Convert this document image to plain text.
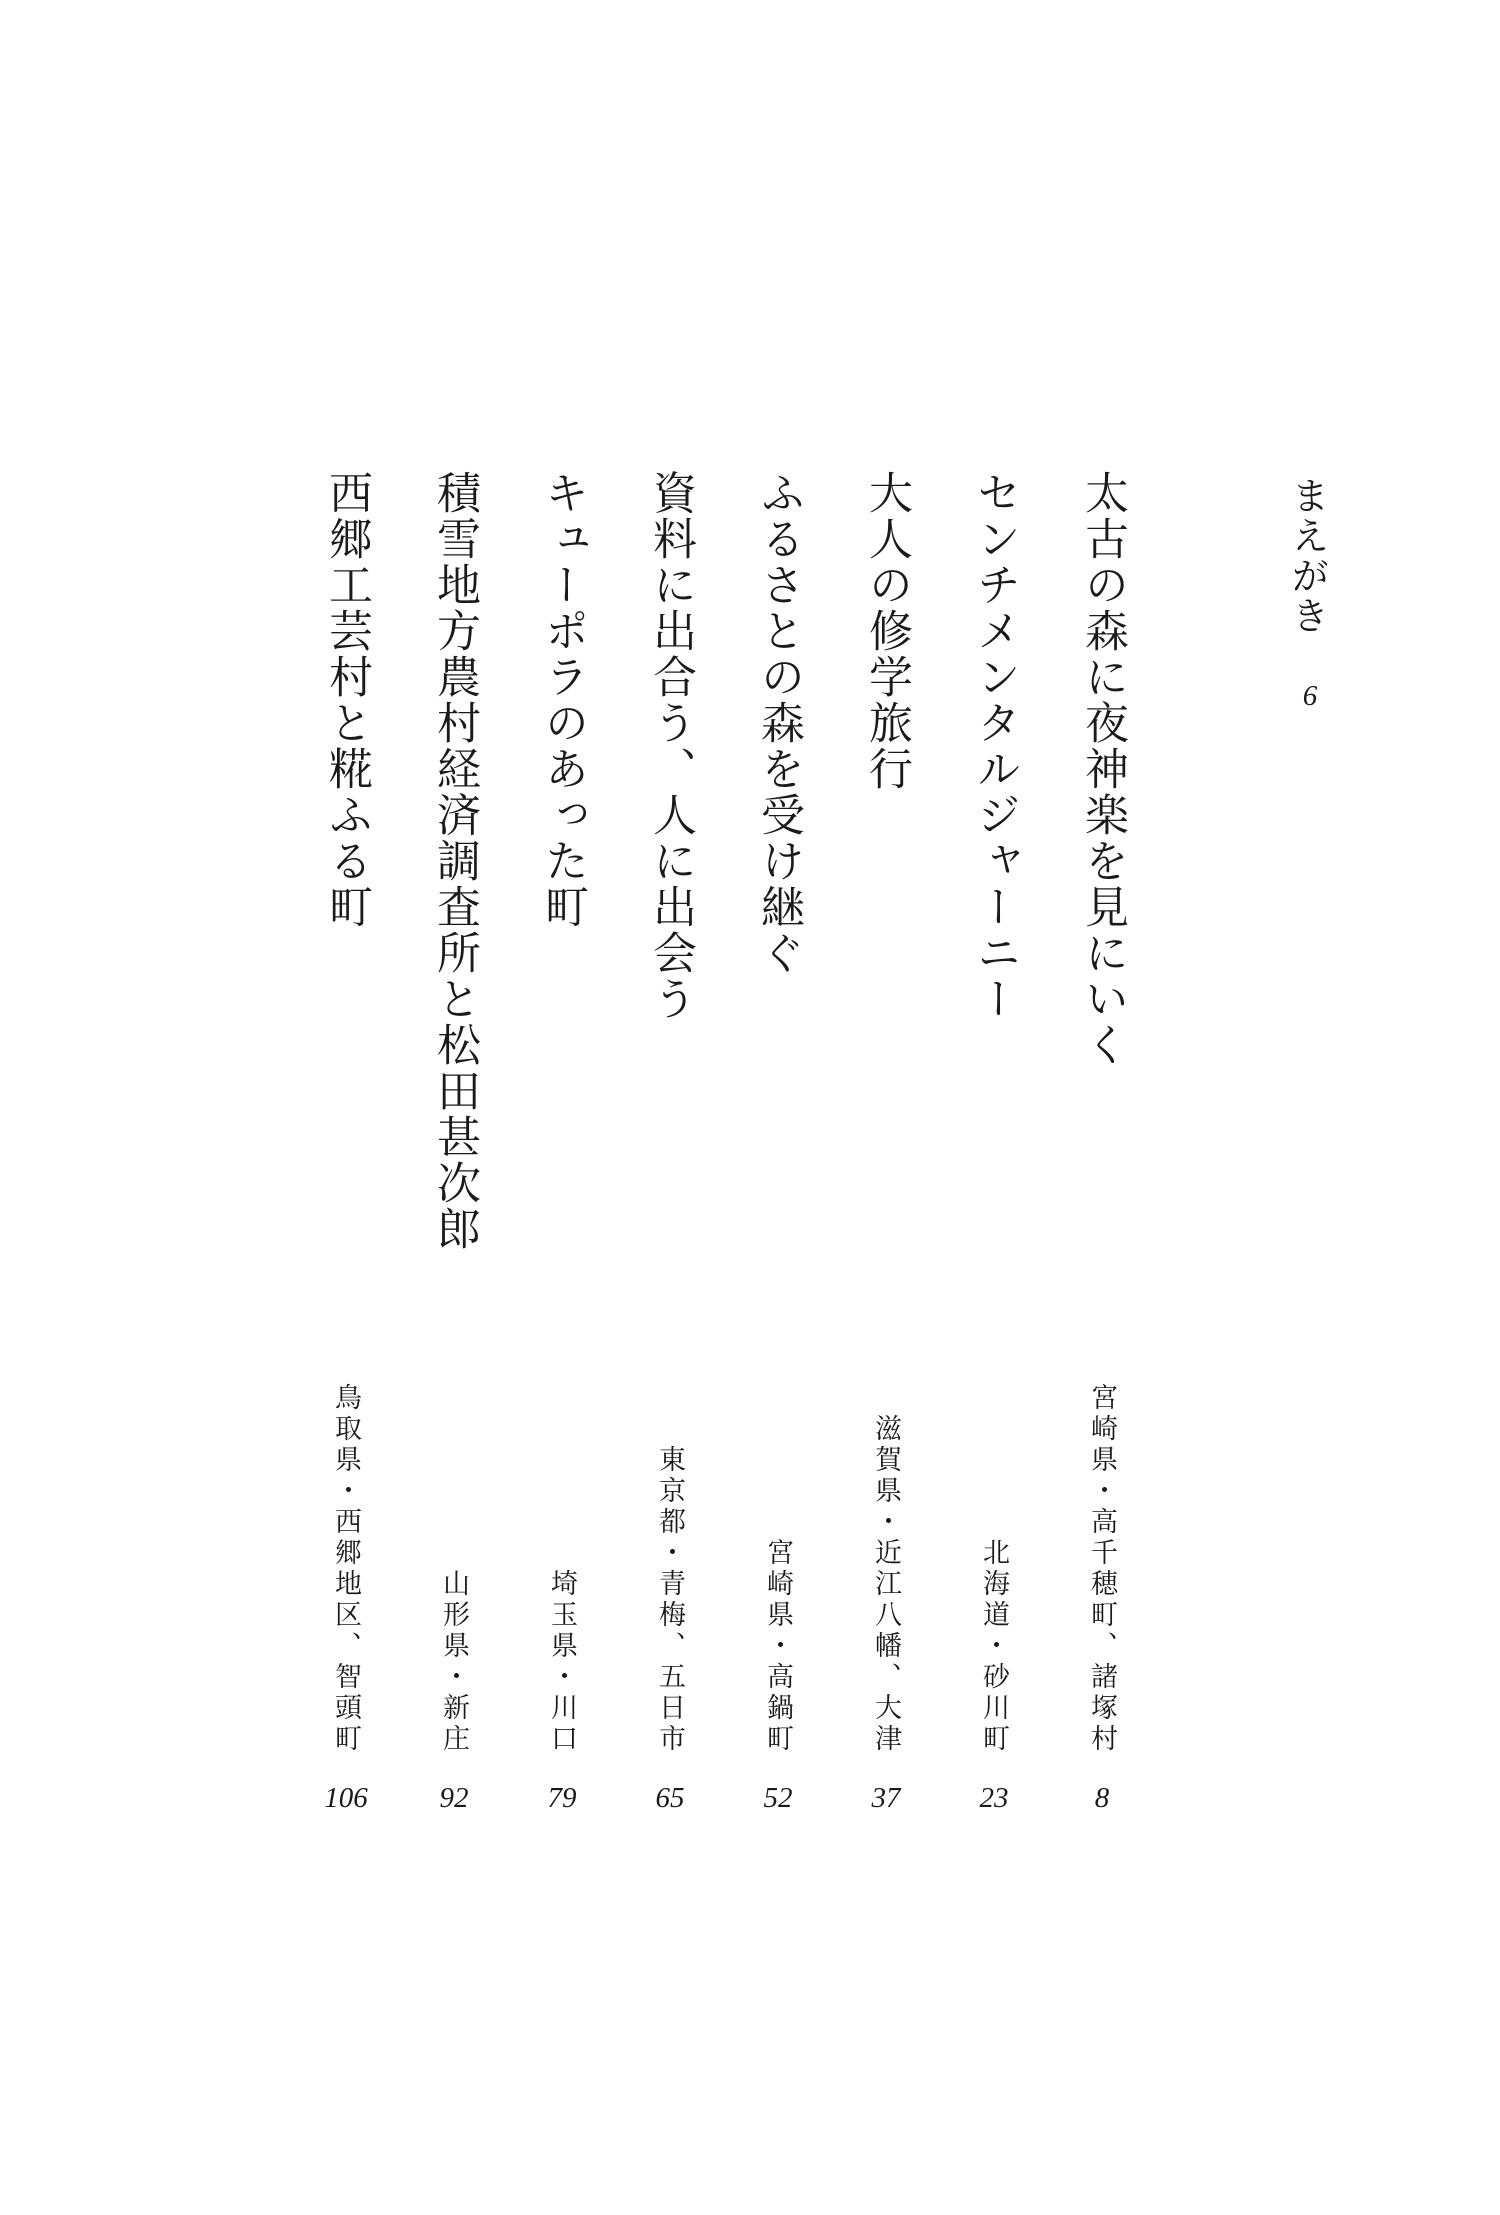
まえがき
6
太古の森に夜神楽を見にいく
宮崎県・高千穂町、諸塚村
8
センチメンタルジャーニー
北海道・砂川町
23
大人の修学旅行
滋賀県・近江八幡、大津
37
ふるさとの森を受け継ぐ
宮崎県・高鍋町
52
資料に出合う、人に出会う
東京都・青梅、五日市
65
キューポラのあった町
埼玉県・川口
79
積雪地方農村経済調査所と松田甚次郎
山形県・新庄
92
西郷工芸村と糀ふる町
鳥取県・西郷地区、智頭町
106
